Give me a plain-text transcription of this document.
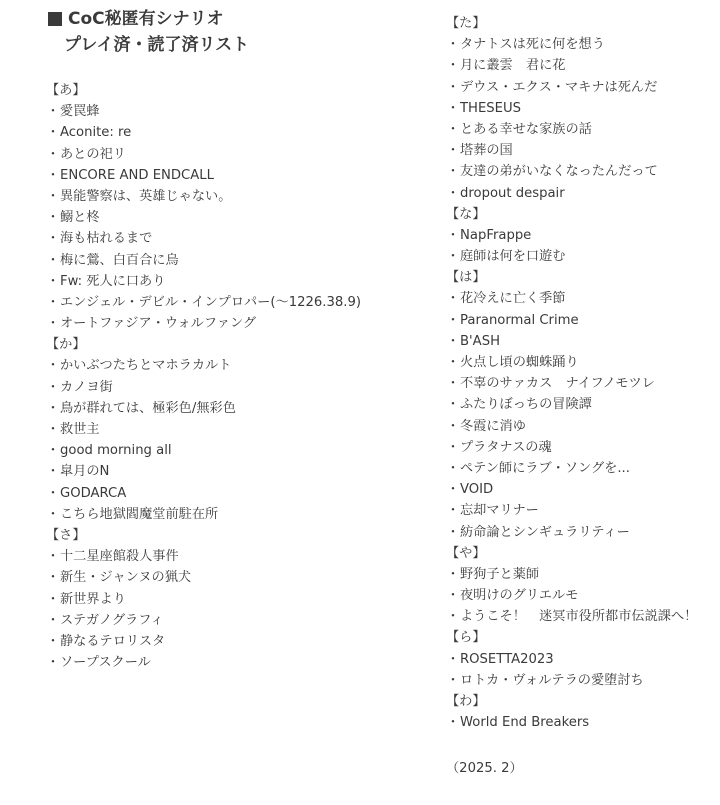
CoC秘匿有シナリオ
プレイ済・読了済リスト
【あ】
・愛罠蜂
・Aconite: re
・あとの祀リ
・ENCORE AND ENDCALL
・異能警察は、英雄じゃない。
・鰯と柊
・海も枯れるまで
・梅に鶯、白百合に烏
・Fw: 死人に口あり
・エンジェル・デビル・インプロパー(〜1226.38.9)
・オートファジア・ウォルファング
【か】
・かいぶつたちとマホラカルト
・カノヨ街
・鳥が群れては、極彩色/無彩色
・救世主
・good morning all
・皐月のN
・GODARCA
・こちら地獄閻魔堂前駐在所
【さ】
・十二星座館殺人事件
・新生・ジャンヌの猟犬
・新世界より
・ステガノグラフィ
・静なるテロリスタ
・ソープスクール
【た】
・タナトスは死に何を想う
・月に叢雲　君に花
・デウス・エクス・マキナは死んだ
・THESEUS
・とある幸せな家族の話
・塔葬の国
・友達の弟がいなくなったんだって
・dropout despair
【な】
・NapFrappe
・庭師は何を口遊む
【は】
・花冷えに亡く季節
・Paranormal Crime
・B'ASH
・火点し頃の蜘蛛踊り
・不辜のサァカス　ナイフノモツレ
・ふたりぼっちの冒険譚
・冬霞に消ゆ
・プラタナスの魂
・ペテン師にラブ・ソングを...
・VOID
・忘却マリナー
・紡命論とシンギュラリティー
【や】
・野狗子と薬師
・夜明けのグリエルモ
・ようこそ！　迷冥市役所都市伝説課へ！
【ら】
・ROSETTA2023
・ロトカ・ヴォルテラの愛堕討ち
【わ】
・World End Breakers
（2025. 2）
